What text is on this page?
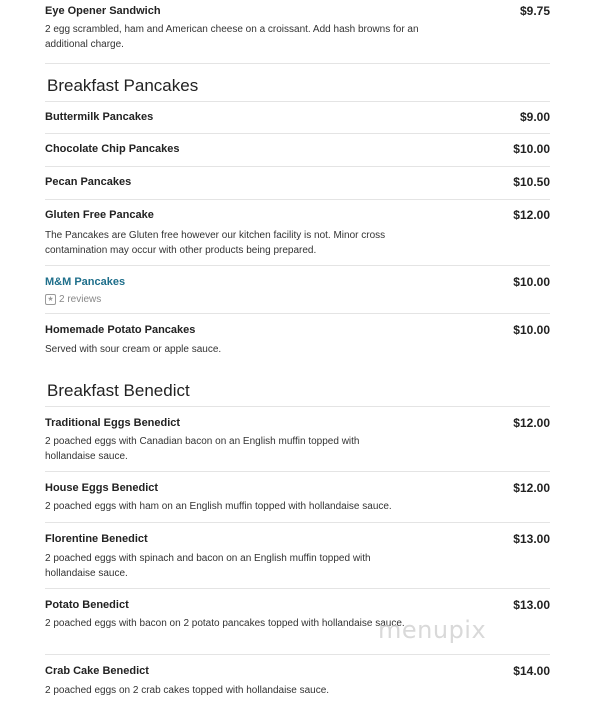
Eye Opener Sandwich	$9.75
2 egg scrambled, ham and American cheese on a croissant. Add hash browns for an additional charge.
Breakfast Pancakes
Buttermilk Pancakes	$9.00
Chocolate Chip Pancakes	$10.00
Pecan Pancakes	$10.50
Gluten Free Pancake	$12.00
The Pancakes are Gluten free however our kitchen facility is not. Minor cross contamination may occur with other products being prepared.
M&M Pancakes	$10.00
★ 2 reviews
Homemade Potato Pancakes	$10.00
Served with sour cream or apple sauce.
Breakfast Benedict
Traditional Eggs Benedict	$12.00
2 poached eggs with Canadian bacon on an English muffin topped with hollandaise sauce.
House Eggs Benedict	$12.00
2 poached eggs with ham on an English muffin topped with hollandaise sauce.
Florentine Benedict	$13.00
2 poached eggs with spinach and bacon on an English muffin topped with hollandaise sauce.
Potato Benedict	$13.00
2 poached eggs with bacon on 2 potato pancakes topped with hollandaise sauce.
Crab Cake Benedict	$14.00
2 poached eggs on 2 crab cakes topped with hollandaise sauce.
menupix
